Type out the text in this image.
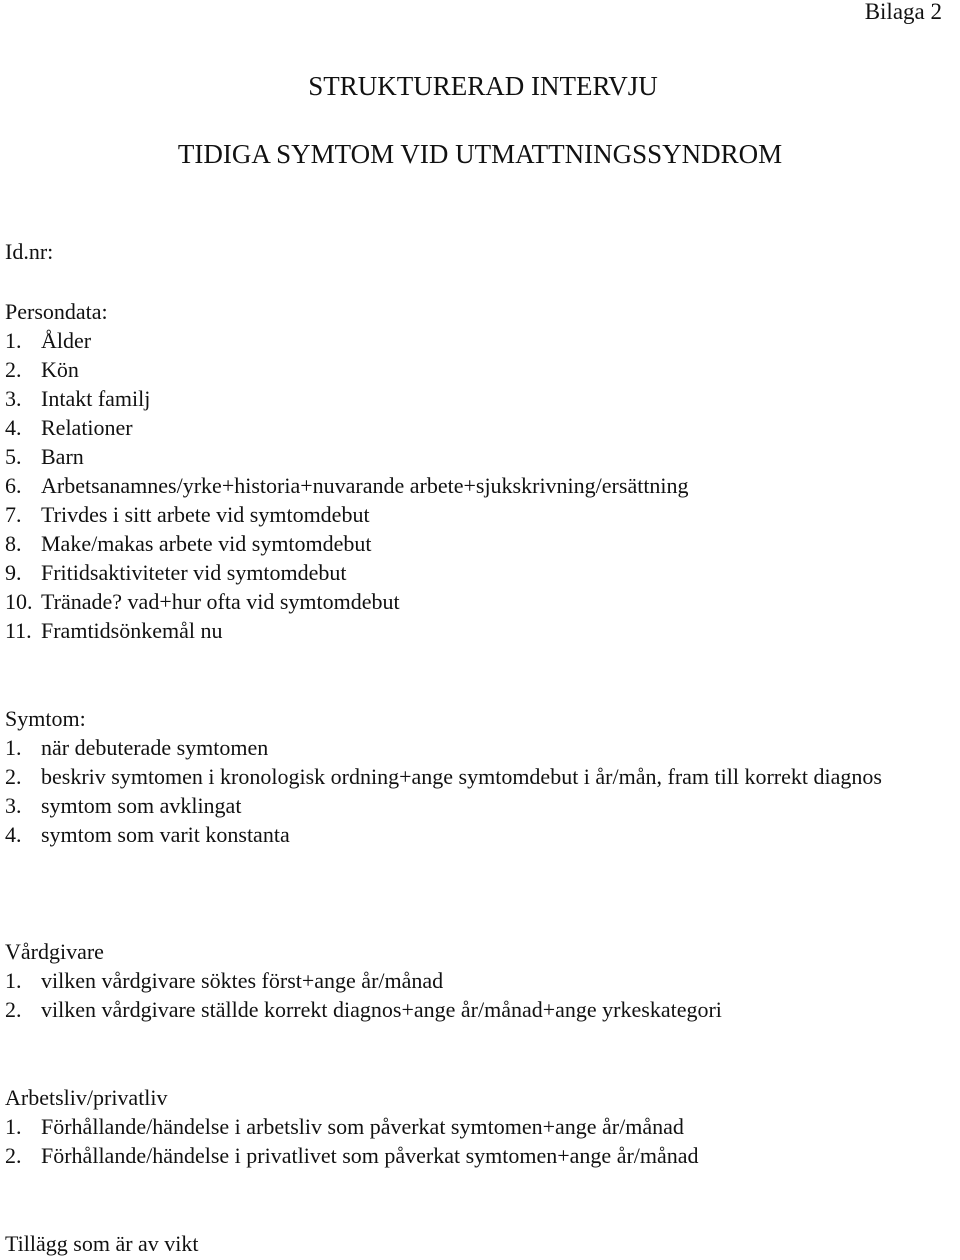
Bilaga 2
STRUKTURERAD INTERVJU
TIDIGA SYMTOM VID UTMATTNINGSSYNDROM
Id.nr:
Persondata:
1. Ålder
2. Kön
3. Intakt familj
4. Relationer
5. Barn
6. Arbetsanamnes/yrke+historia+nuvarande arbete+sjukskrivning/ersättning
7. Trivdes i sitt arbete vid symtomdebut
8. Make/makas arbete vid symtomdebut
9. Fritidsaktiviteter vid symtomdebut
10. Tränade? vad+hur ofta vid symtomdebut
11. Framtidsönkemål nu
Symtom:
1. när debuterade symtomen
2. beskriv symtomen i kronologisk ordning+ange symtomdebut i år/mån, fram till korrekt diagnos
3. symtom som avklingat
4. symtom som varit konstanta
Vårdgivare
1. vilken vårdgivare söktes först+ange år/månad
2. vilken vårdgivare ställde korrekt diagnos+ange år/månad+ange yrkeskategori
Arbetsliv/privatliv
1. Förhållande/händelse i arbetsliv som påverkat symtomen+ange år/månad
2. Förhållande/händelse i privatlivet som påverkat symtomen+ange år/månad
Tillägg som är av vikt
